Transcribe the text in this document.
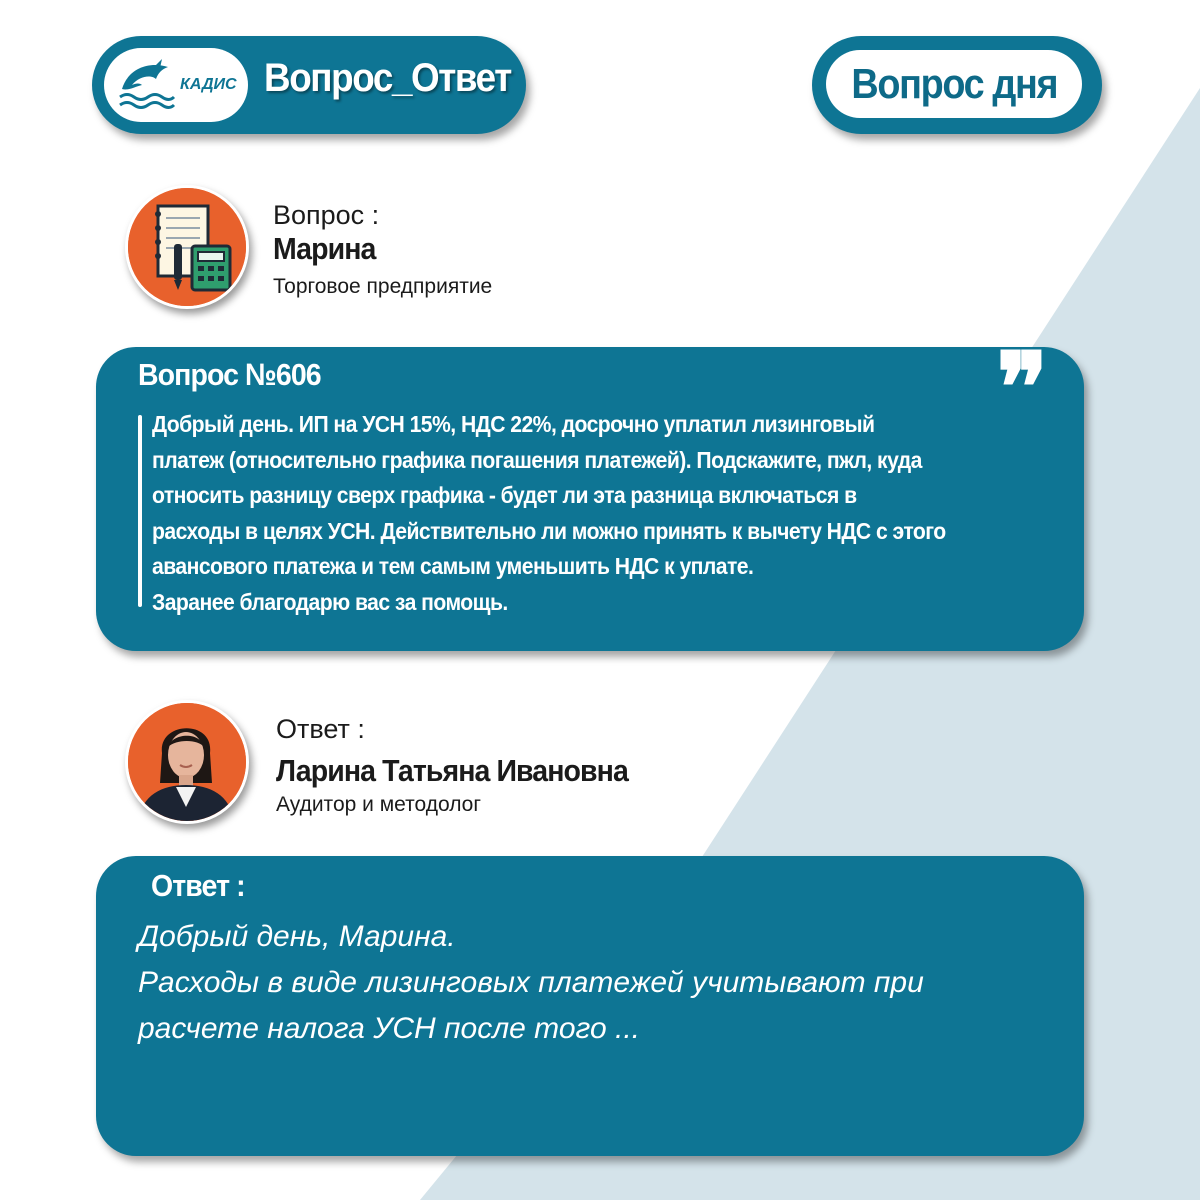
КАДИС Вопрос_Ответ	Вопрос дня
Вопрос :
Марина
Торговое предприятие
Вопрос №606	❞
Добрый день. ИП на УСН 15%, НДС 22%, досрочно уплатил лизинговый
платеж (относительно графика погашения платежей). Подскажите, пжл, куда
относить разницу сверх графика - будет ли эта разница включаться в
расходы в целях УСН. Действительно ли можно принять к вычету НДС с этого
авансового платежа и тем самым уменьшить НДС к уплате.
Заранее благодарю вас за помощь.
Ответ :
Ларина Татьяна Ивановна
Аудитор и методолог
Ответ :
Добрый день, Марина.
Расходы в виде лизинговых платежей учитывают при
расчете налога УСН после того ...
